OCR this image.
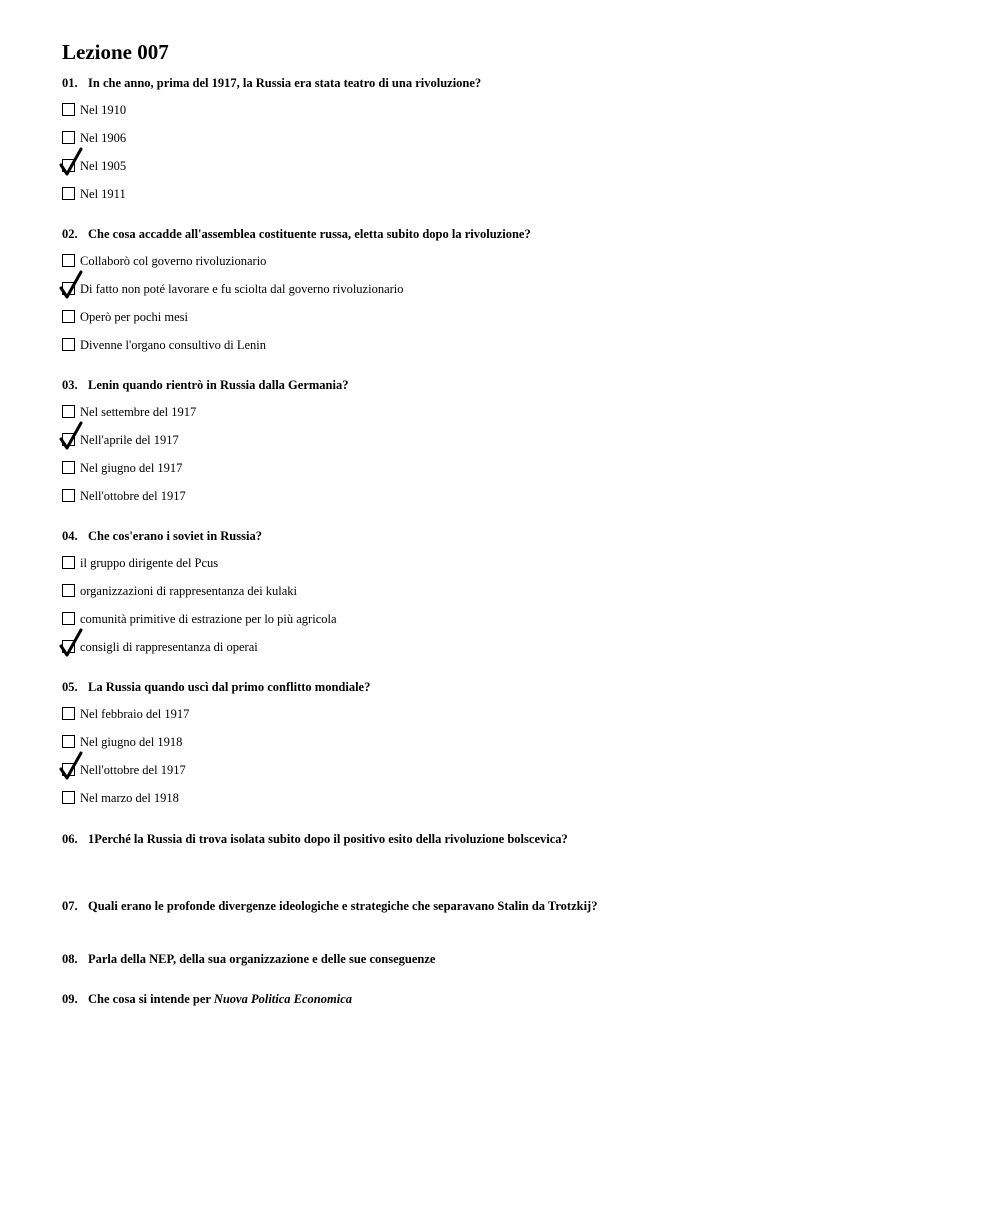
Lezione 007
01. In che anno, prima del 1917, la Russia era stata teatro di una rivoluzione?
Nel 1910
Nel 1906
Nel 1905
Nel 1911
02. Che cosa accadde all'assemblea costituente russa, eletta subito dopo la rivoluzione?
Collaborò col governo rivoluzionario
Di fatto non poté lavorare e fu sciolta dal governo rivoluzionario
Operò per pochi mesi
Divenne l'organo consultivo di Lenin
03. Lenin quando rientrò in Russia dalla Germania?
Nel settembre del 1917
Nell'aprile del 1917
Nel giugno del 1917
Nell'ottobre del 1917
04. Che cos'erano i soviet in Russia?
il gruppo dirigente del Pcus
organizzazioni di rappresentanza dei kulaki
comunità primitive di estrazione per lo più agricola
consigli di rappresentanza di operai
05. La Russia quando uscì dal primo conflitto mondiale?
Nel febbraio del 1917
Nel giugno del 1918
Nell'ottobre del 1917
Nel marzo del 1918
06. 1Perché la Russia di trova isolata subito dopo il positivo esito della rivoluzione bolscevica?
07. Quali erano le profonde divergenze ideologiche e strategiche che separavano Stalin da Trotzkij?
08. Parla della NEP, della sua organizzazione e delle sue conseguenze
09. Che cosa si intende per Nuova Politica Economica
